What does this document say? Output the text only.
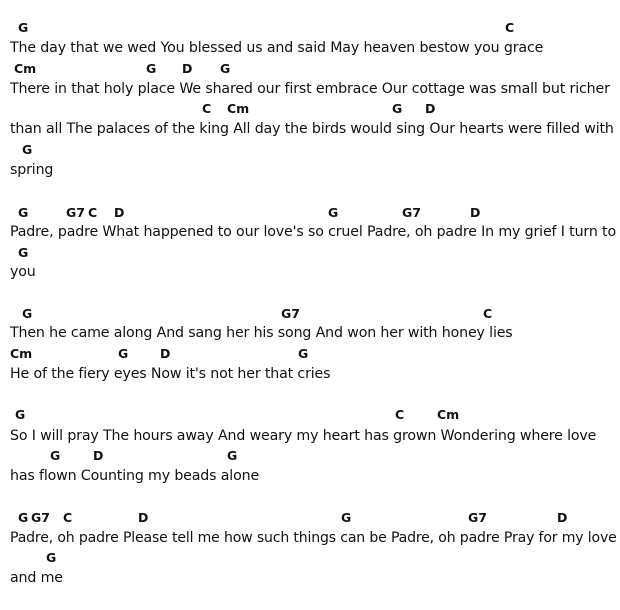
G	C
The day that we wed You blessed us and said May heaven bestow you grace
Cm	G D G
There in that holy place We shared our first embrace Our cottage was small but richer
C Cm	G D
than all The palaces of the king All day the birds would sing Our hearts were filled with
G
spring
G	G7 C D	G	G7	D
Padre, padre What happened to our love's so cruel Padre, oh padre In my grief I turn to
G
you
G	G7	C
Then he came along And sang her his song And won her with honey lies
Cm	G	D	G
He of the fiery eyes Now it's not her that cries
G	C	Cm
So I will pray The hours away And weary my heart has grown Wondering where love
G	D	G
has flown Counting my beads alone
G G7 C	D	G	G7	D
Padre, oh padre Please tell me how such things can be Padre, oh padre Pray for my love
G
and me
